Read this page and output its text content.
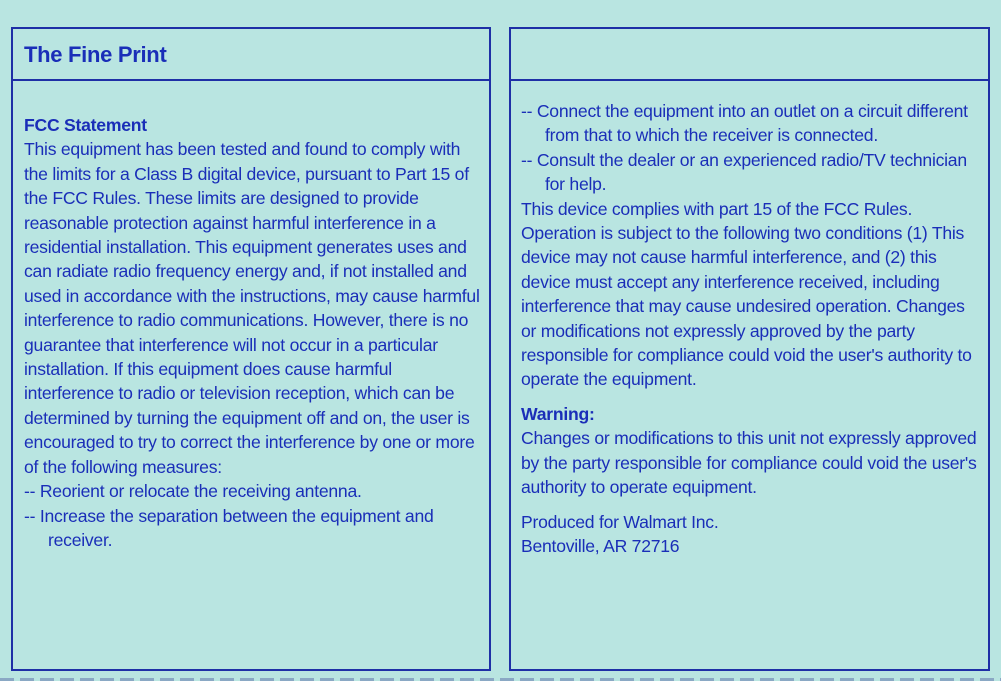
The Fine Print

FCC Statement

This equipment has been tested and found to comply with the limits for a Class B digital device, pursuant to Part 15 of the FCC Rules. These limits are designed to provide reasonable protection against harmful interference in a residential installation. This equipment generates uses and can radiate radio frequency energy and, if not installed and used in accordance with the instructions, may cause harmful interference to radio communications. However, there is no guarantee that interference will not occur in a particular installation. If this equipment does cause harmful interference to radio or television reception, which can be determined by turning the equipment off and on, the user is encouraged to try to correct the interference by one or more of the following measures:

-- Reorient or relocate the receiving antenna.

-- Increase the separation between the equipment and receiver.

-- Connect the equipment into an outlet on a circuit different from that to which the receiver is connected.

-- Consult the dealer or an experienced radio/TV technician for help.

This device complies with part 15 of the FCC Rules. Operation is subject to the following two conditions (1) This device may not cause harmful interference, and (2) this device must accept any interference received, including interference that may cause undesired operation. Changes or modifications not expressly approved by the party responsible for compliance could void the user's authority to operate the equipment.

Warning:

Changes or modifications to this unit not expressly approved by the party responsible for compliance could void the user's authority to operate equipment.

Produced for Walmart Inc.

Bentoville, AR 72716
